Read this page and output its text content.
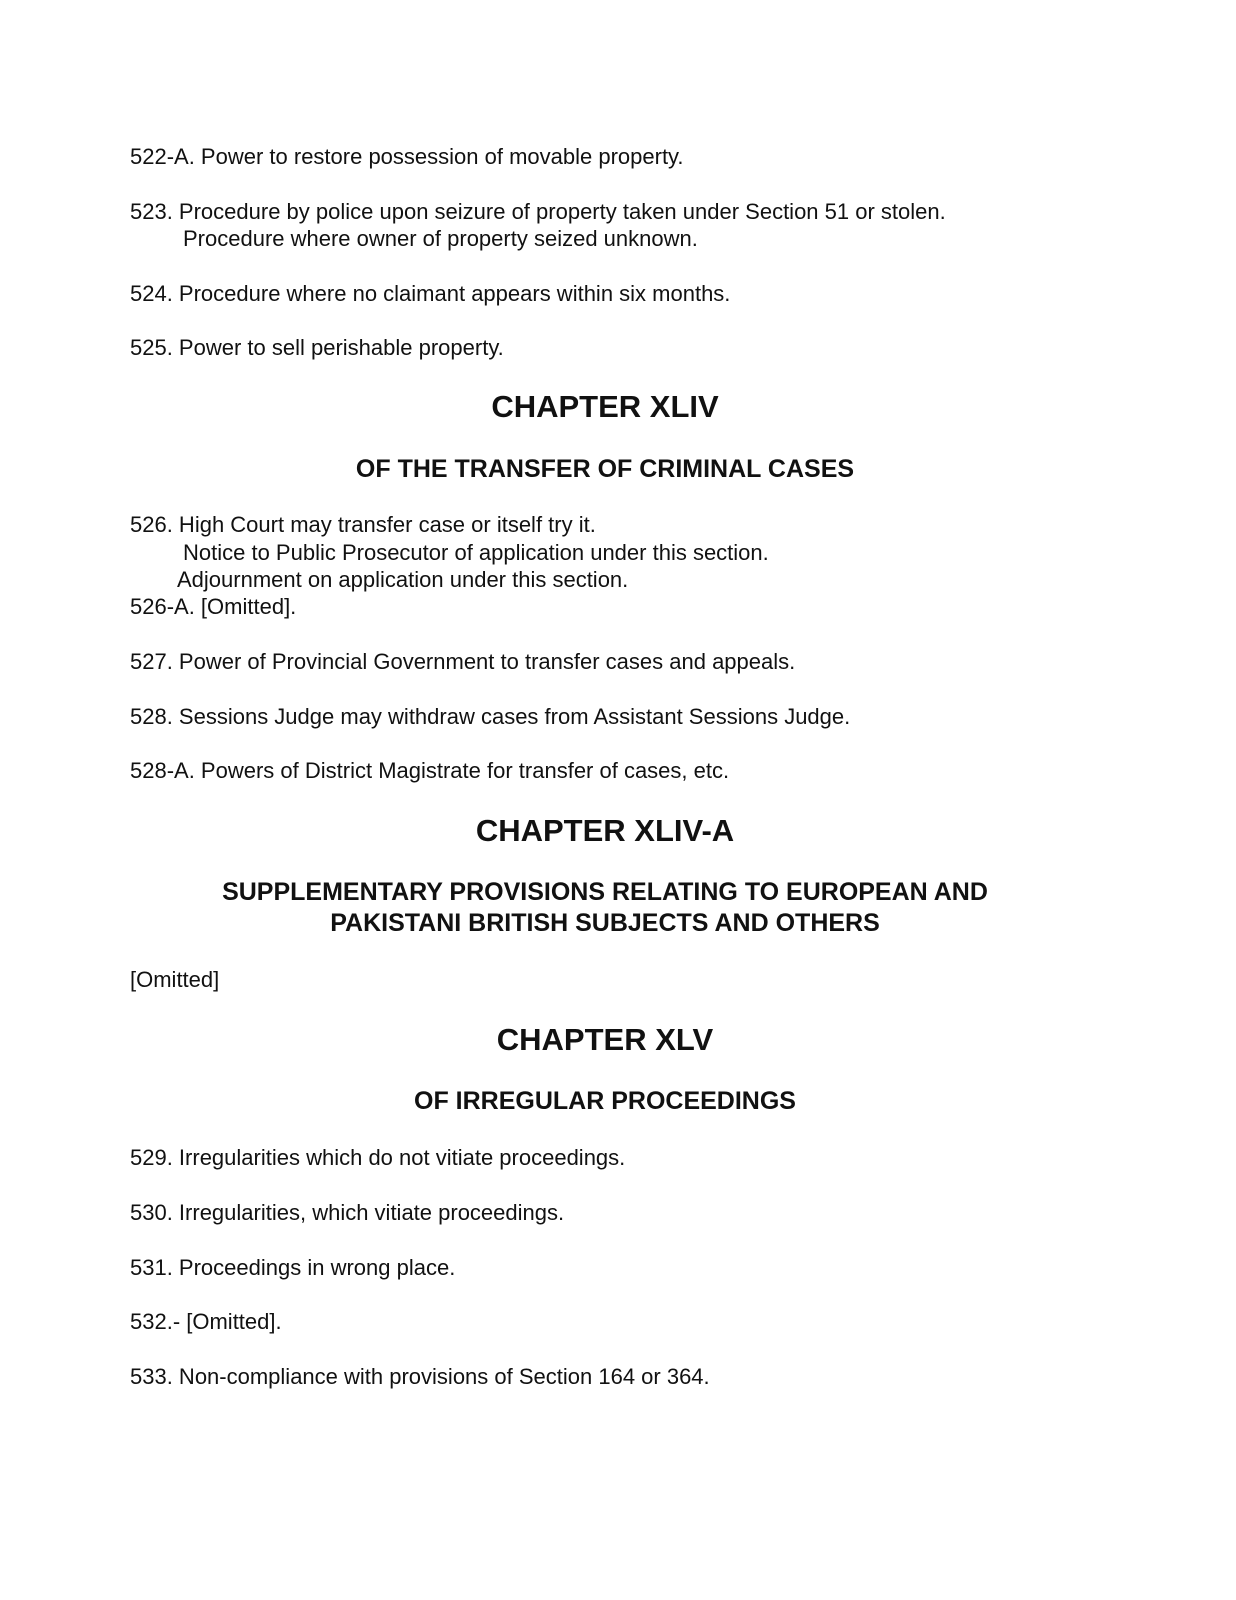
522-A. Power to restore possession of movable property.
523. Procedure by police upon seizure of property taken under Section 51 or stolen.
Procedure where owner of property seized unknown.
524. Procedure where no claimant appears within six months.
525. Power to sell perishable property.
CHAPTER XLIV
OF THE TRANSFER OF CRIMINAL CASES
526. High Court may transfer case or itself try it.
Notice to Public Prosecutor of application under this section.
Adjournment on application under this section.
526-A. [Omitted].
527. Power of Provincial Government to transfer cases and appeals.
528. Sessions Judge may withdraw cases from Assistant Sessions Judge.
528-A. Powers of District Magistrate for transfer of cases, etc.
CHAPTER XLIV-A
SUPPLEMENTARY PROVISIONS RELATING TO EUROPEAN AND
PAKISTANI BRITISH SUBJECTS AND OTHERS
[Omitted]
CHAPTER XLV
OF IRREGULAR PROCEEDINGS
529. Irregularities which do not vitiate proceedings.
530. Irregularities, which vitiate proceedings.
531. Proceedings in wrong place.
532.- [Omitted].
533. Non-compliance with provisions of Section 164 or 364.
